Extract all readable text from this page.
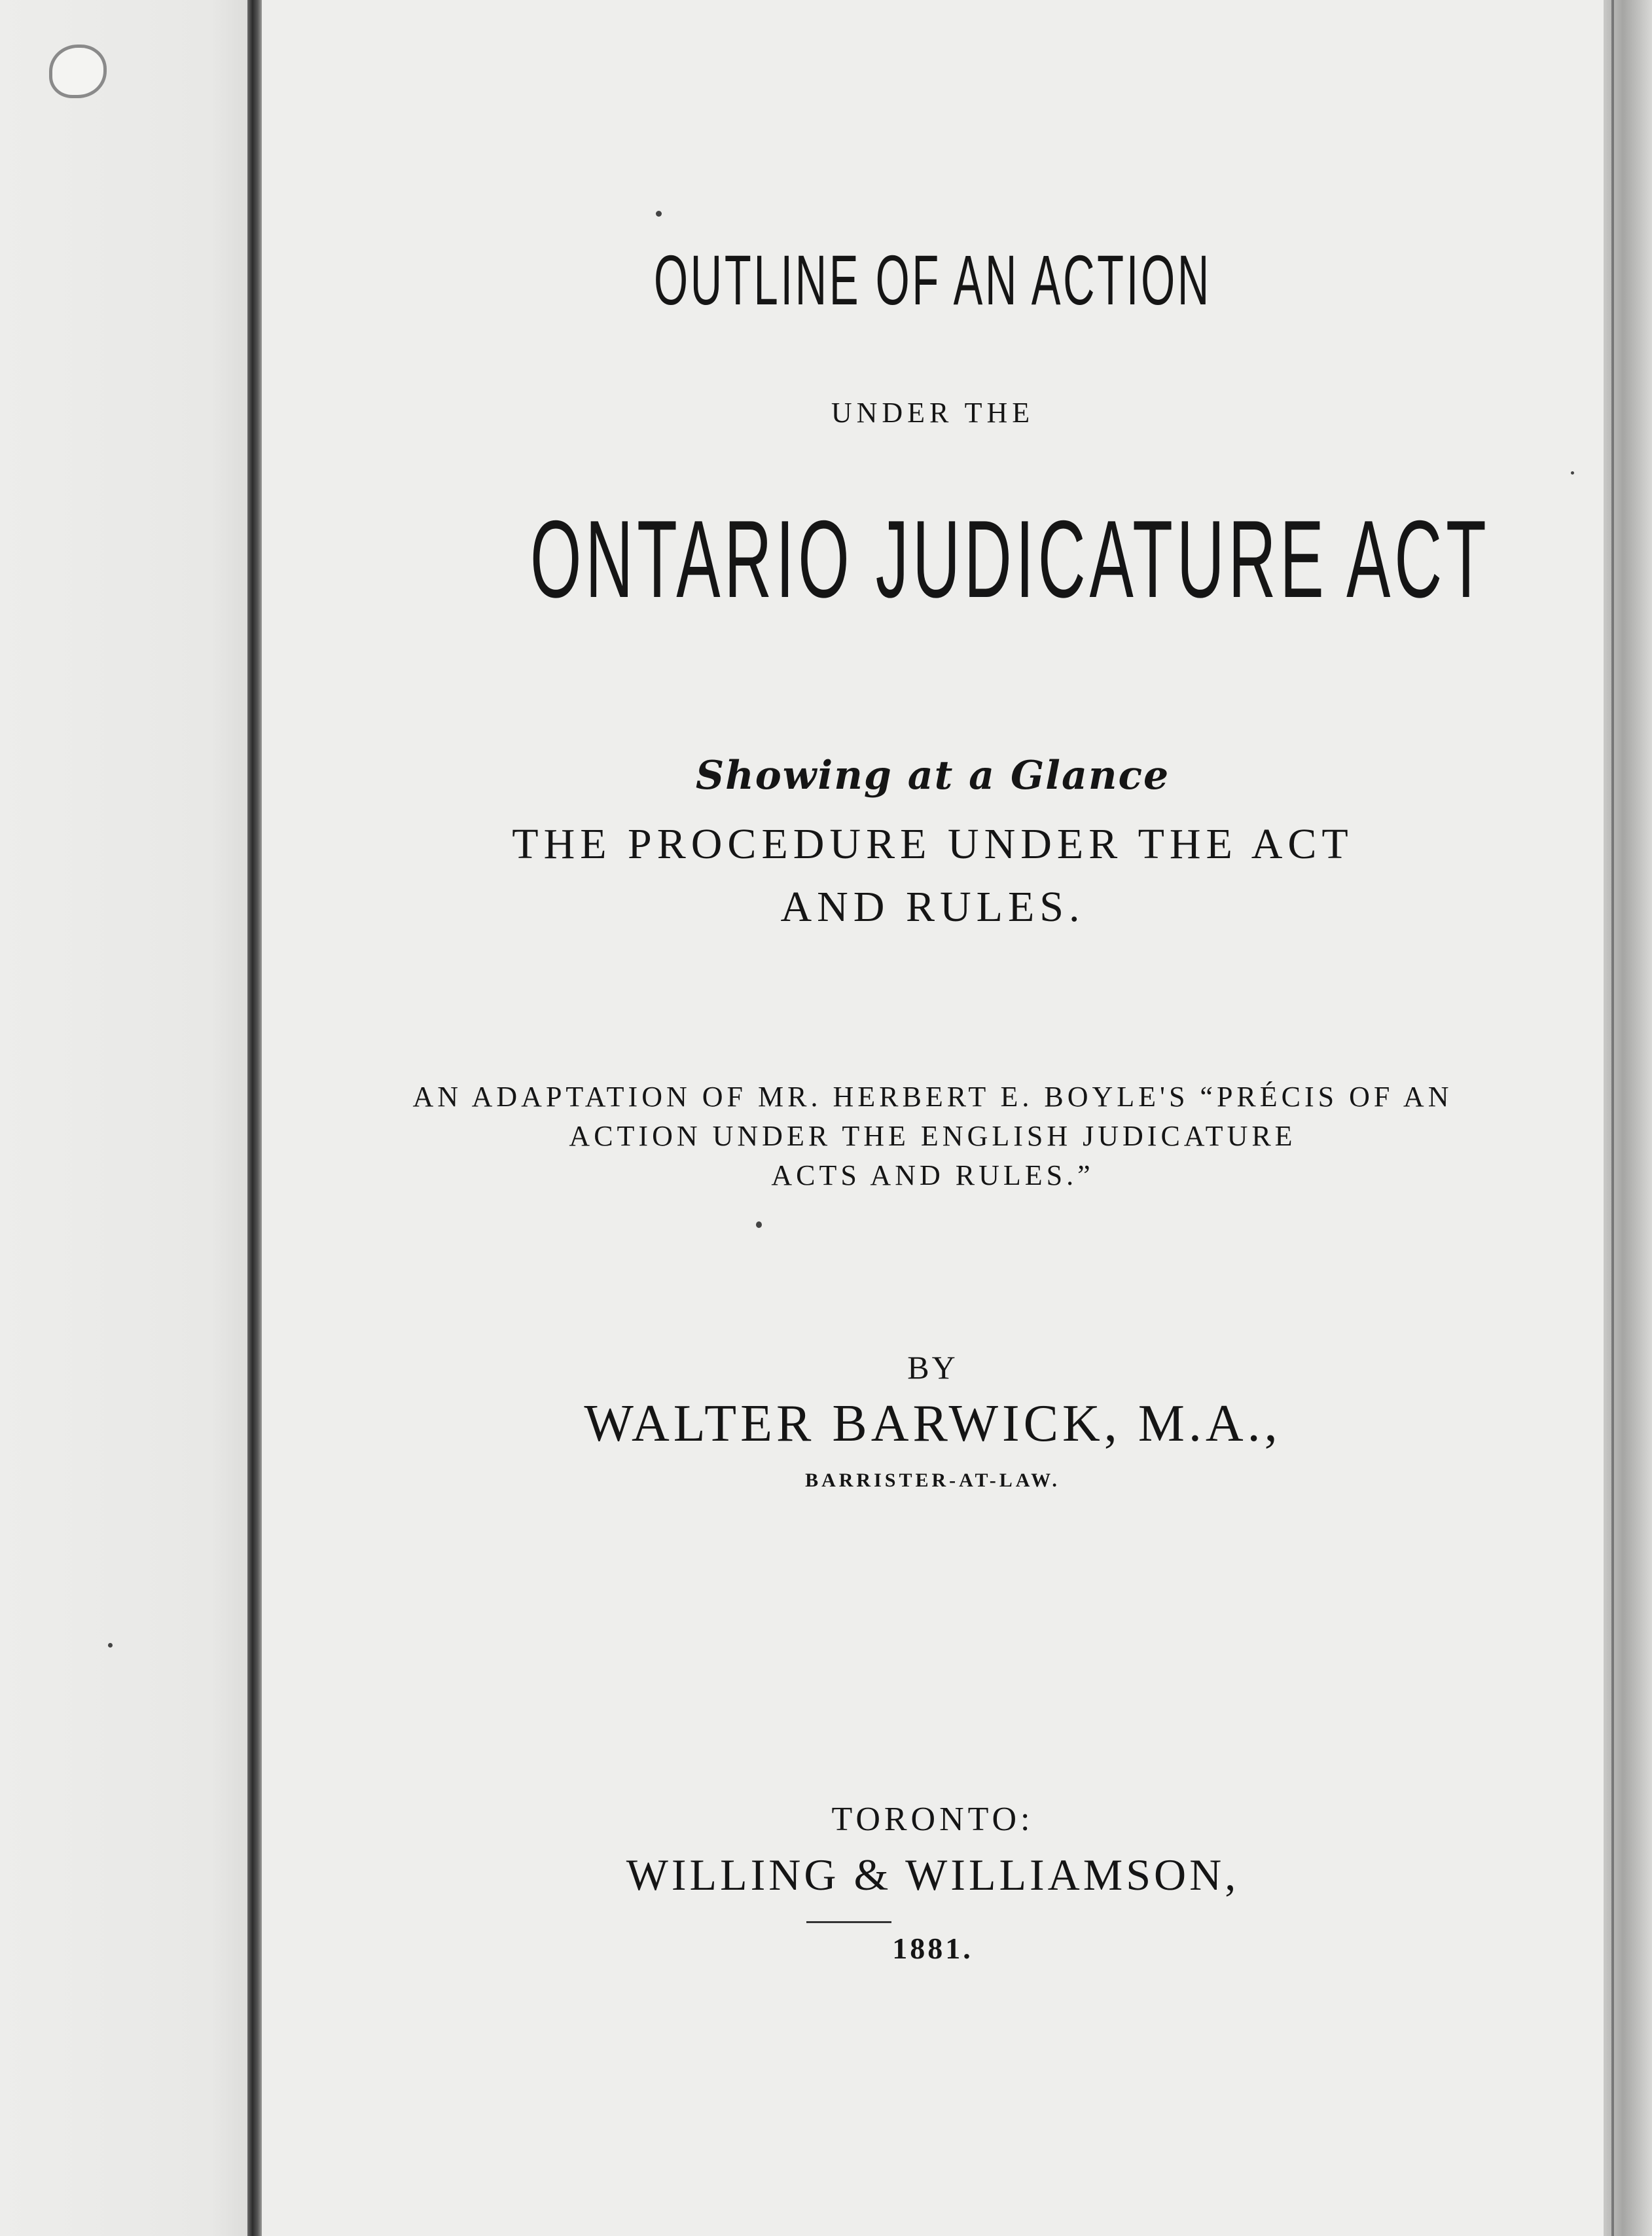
OUTLINE OF AN ACTION

UNDER THE

ONTARIO JUDICATURE ACT

Showing at a Glance

THE PROCEDURE UNDER THE ACT

AND RULES.

AN ADAPTATION OF MR. HERBERT E. BOYLE'S “PRÉCIS OF AN

ACTION UNDER THE ENGLISH JUDICATURE

ACTS AND RULES.”

BY

WALTER BARWICK, M.A.,

BARRISTER-AT-LAW.

TORONTO:

WILLING & WILLIAMSON,

1881.
